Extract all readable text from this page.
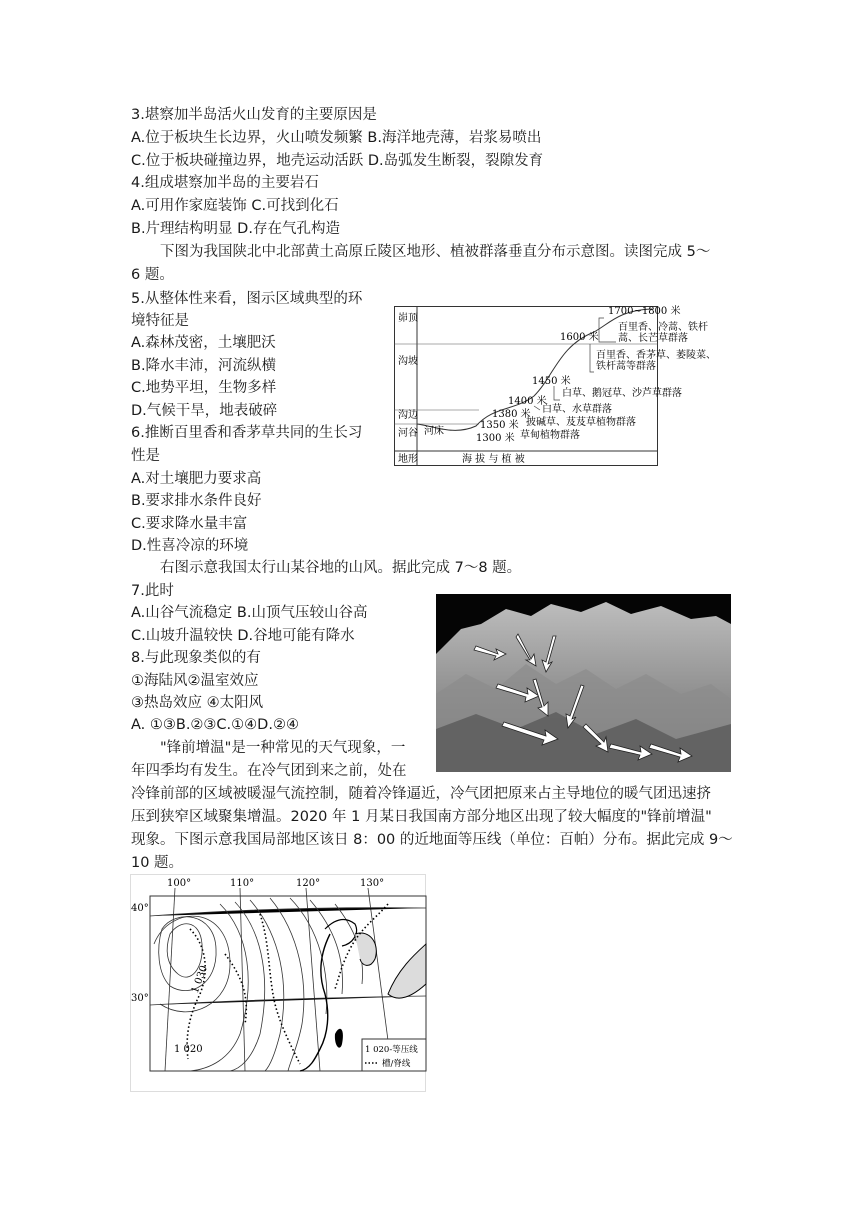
3.堪察加半岛活火山发育的主要原因是
A.位于板块生长边界，火山喷发频繁 B.海洋地壳薄，岩浆易喷出
C.位于板块碰撞边界，地壳运动活跃 D.岛弧发生断裂，裂隙发育
4.组成堪察加半岛的主要岩石
A.可用作家庭装饰 C.可找到化石
B.片理结构明显 D.存在气孔构造
下图为我国陕北中北部黄土高原丘陵区地形、植被群落垂直分布示意图。读图完成 5～
6 题。
5.从整体性来看，图示区域典型的环
境特征是
A.森林茂密，土壤肥沃
B.降水丰沛，河流纵横
C.地势平坦，生物多样
D.气候干旱，地表破碎
6.推断百里香和香茅草共同的生长习
性是
A.对土壤肥力要求高
B.要求排水条件良好
C.要求降水量丰富
D.性喜冷凉的环境
右图示意我国太行山某谷地的山风。据此完成 7～8 题。
7.此时
A.山谷气流稳定 B.山顶气压较山谷高
C.山坡升温较快 D.谷地可能有降水
8.与此现象类似的有
①海陆风②温室效应
③热岛效应 ④太阳风
A. ①③B.②③C.①④D.②④
"锋前增温"是一种常见的天气现象，一
年四季均有发生。在冷气团到来之前，处在
冷锋前部的区域被暖湿气流控制，随着冷锋逼近，冷气团把原来占主导地位的暖气团迅速挤
压到狭窄区域聚集增温。2020 年 1 月某日我国南方部分地区出现了较大幅度的"锋前增温"
现象。下图示意我国局部地区该日 8：00 的近地面等压线（单位：百帕）分布。据此完成 9～
10 题。
峁顶
沟坡
沟边
河谷 河床
地形	海 拔 与 植 被
1700~1800 米
百里香、冷蒿、铁杆
蒿、长芒草群落
1600 米
百里香、香茅草、萎陵菜、
铁杆蒿等群落
1450 米
1400 米
白草、鹅冠草、沙芦草群落
1380 米 白草、水草群落
1350 米 披碱草、芨芨草植物群落
1300 米 草甸植物群落
100°	110°	120°	130°
40°
30°
1 030
1 020	1 020-等压线
槽/脊线
